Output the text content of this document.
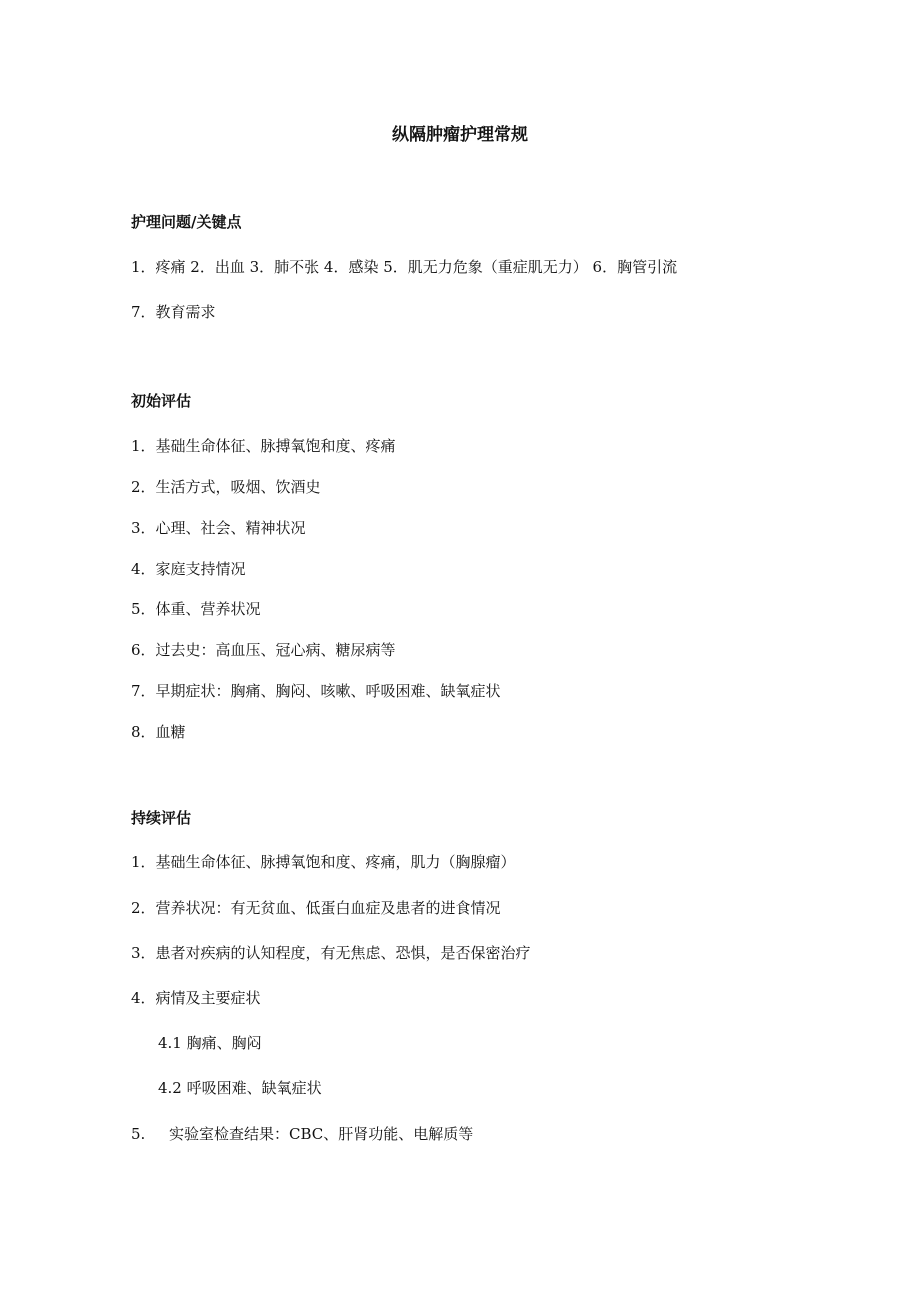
纵隔肿瘤护理常规
护理问题/关键点
1．疼痛 2．出血 3．肺不张 4．感染 5．肌无力危象（重症肌无力） 6．胸管引流
7．教育需求
初始评估
1．基础生命体征、脉搏氧饱和度、疼痛
2．生活方式，吸烟、饮酒史
3．心理、社会、精神状况
4．家庭支持情况
5．体重、营养状况
6．过去史：高血压、冠心病、糖尿病等
7．早期症状：胸痛、胸闷、咳嗽、呼吸困难、缺氧症状
8．血糖
持续评估
1．基础生命体征、脉搏氧饱和度、疼痛，肌力（胸腺瘤）
2．营养状况：有无贫血、低蛋白血症及患者的进食情况
3．患者对疾病的认知程度，有无焦虑、恐惧，是否保密治疗
4．病情及主要症状
4.1 胸痛、胸闷
4.2 呼吸困难、缺氧症状
5. 实验室检查结果：CBC、肝肾功能、电解质等
